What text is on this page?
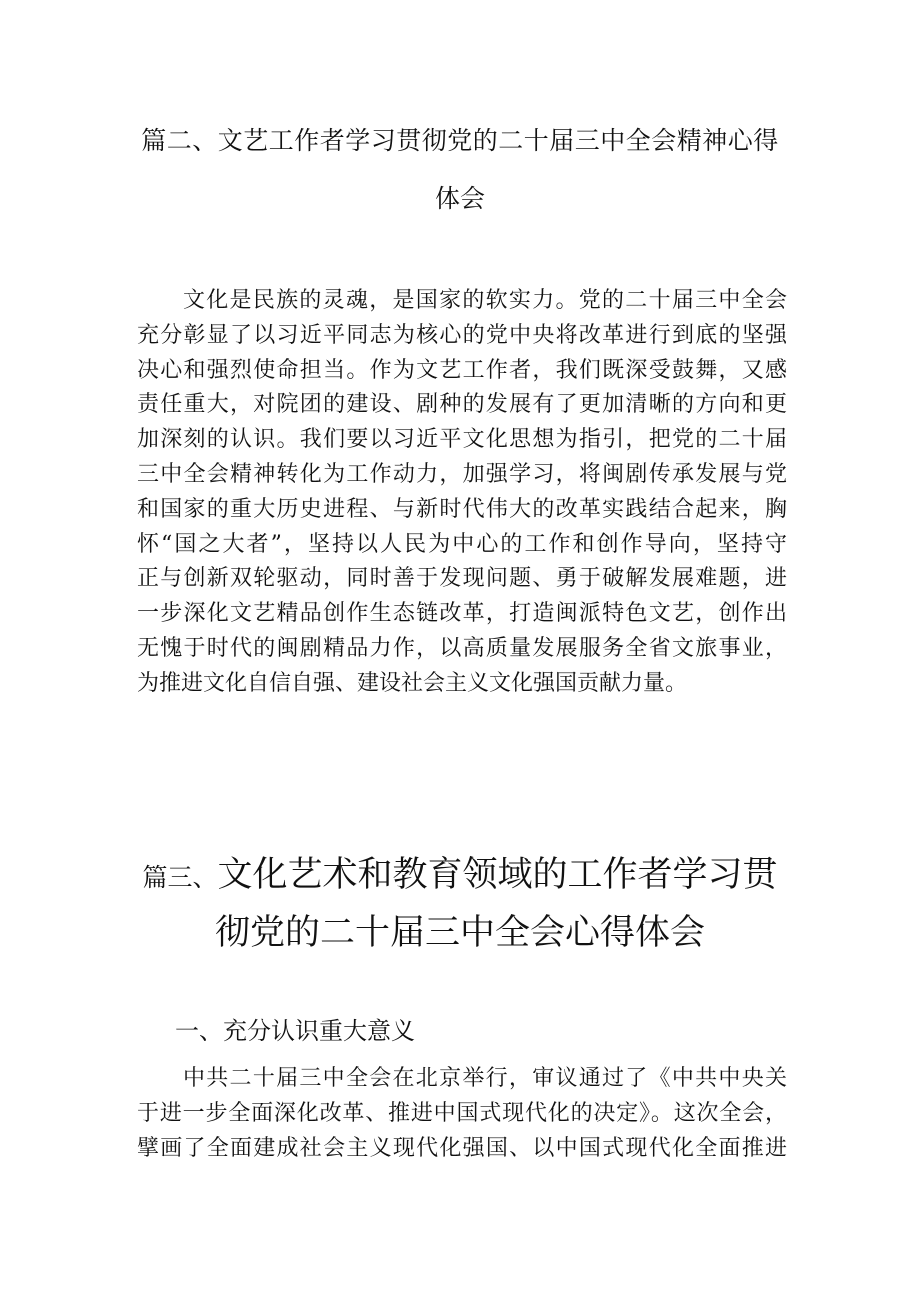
篇二、文艺工作者学习贯彻党的二十届三中全会精神心得
体会
文化是民族的灵魂，是国家的软实力。党的二十届三中全会
充分彰显了以习近平同志为核心的党中央将改革进行到底的坚强
决心和强烈使命担当。作为文艺工作者，我们既深受鼓舞，又感
责任重大，对院团的建设、剧种的发展有了更加清晰的方向和更
加深刻的认识。我们要以习近平文化思想为指引，把党的二十届
三中全会精神转化为工作动力，加强学习，将闽剧传承发展与党
和国家的重大历史进程、与新时代伟大的改革实践结合起来，胸
怀“国之大者”，坚持以人民为中心的工作和创作导向，坚持守
正与创新双轮驱动，同时善于发现问题、勇于破解发展难题，进
一步深化文艺精品创作生态链改革，打造闽派特色文艺，创作出
无愧于时代的闽剧精品力作，以高质量发展服务全省文旅事业，
为推进文化自信自强、建设社会主义文化强国贡献力量。
篇三、文化艺术和教育领域的工作者学习贯
彻党的二十届三中全会心得体会
一、充分认识重大意义
中共二十届三中全会在北京举行，审议通过了《中共中央关
于进一步全面深化改革、推进中国式现代化的决定》。这次全会，
擘画了全面建成社会主义现代化强国、以中国式现代化全面推进
